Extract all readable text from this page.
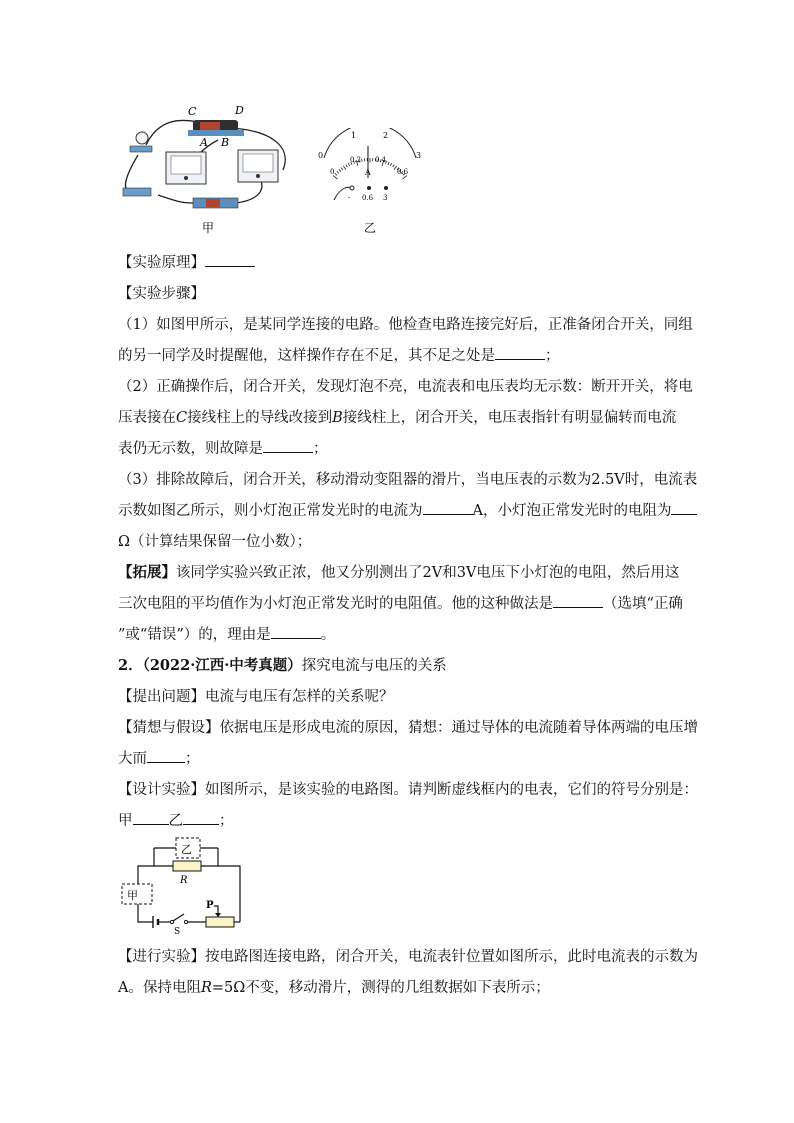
C	D
A B
甲
0
1	2
3
0
0.2 0.4
0.6
A
- 0.6 3
乙
【实验原理】
【实验步骤】
（1）如图甲所示，是某同学连接的电路。他检查电路连接完好后，正准备闭合开关，同组
的另一同学及时提醒他，这样操作存在不足，其不足之处是	；
（2）正确操作后，闭合开关，发现灯泡不亮，电流表和电压表均无示数：断开开关，将电
压表接在C接线柱上的导线改接到B接线柱上，闭合开关，电压表指针有明显偏转而电流
表仍无示数，则故障是	；
（3）排除故障后，闭合开关，移动滑动变阻器的滑片，当电压表的示数为2.5V时，电流表
示数如图乙所示，则小灯泡正常发光时的电流为	A，小灯泡正常发光时的电阻为
Ω（计算结果保留一位小数）；
【拓展】该同学实验兴致正浓，他又分别测出了2V和3V电压下小灯泡的电阻，然后用这
三次电阻的平均值作为小灯泡正常发光时的电阻值。他的这种做法是	（选填“正确
”或“错误”）的，理由是	。
2．（2022·江西·中考真题）探究电流与电压的关系
【提出问题】电流与电压有怎样的关系呢？
【猜想与假设】依据电压是形成电流的原因，猜想：通过导体的电流随着导体两端的电压增
大而	；
【设计实验】如图所示，是该实验的电路图。请判断虚线框内的电表，它们的符号分别是：
甲 乙 ；
乙
R
甲
S
P
【进行实验】按电路图连接电路，闭合开关，电流表针位置如图所示，此时电流表的示数为
A。保持电阻R=5Ω不变，移动滑片，测得的几组数据如下表所示；
